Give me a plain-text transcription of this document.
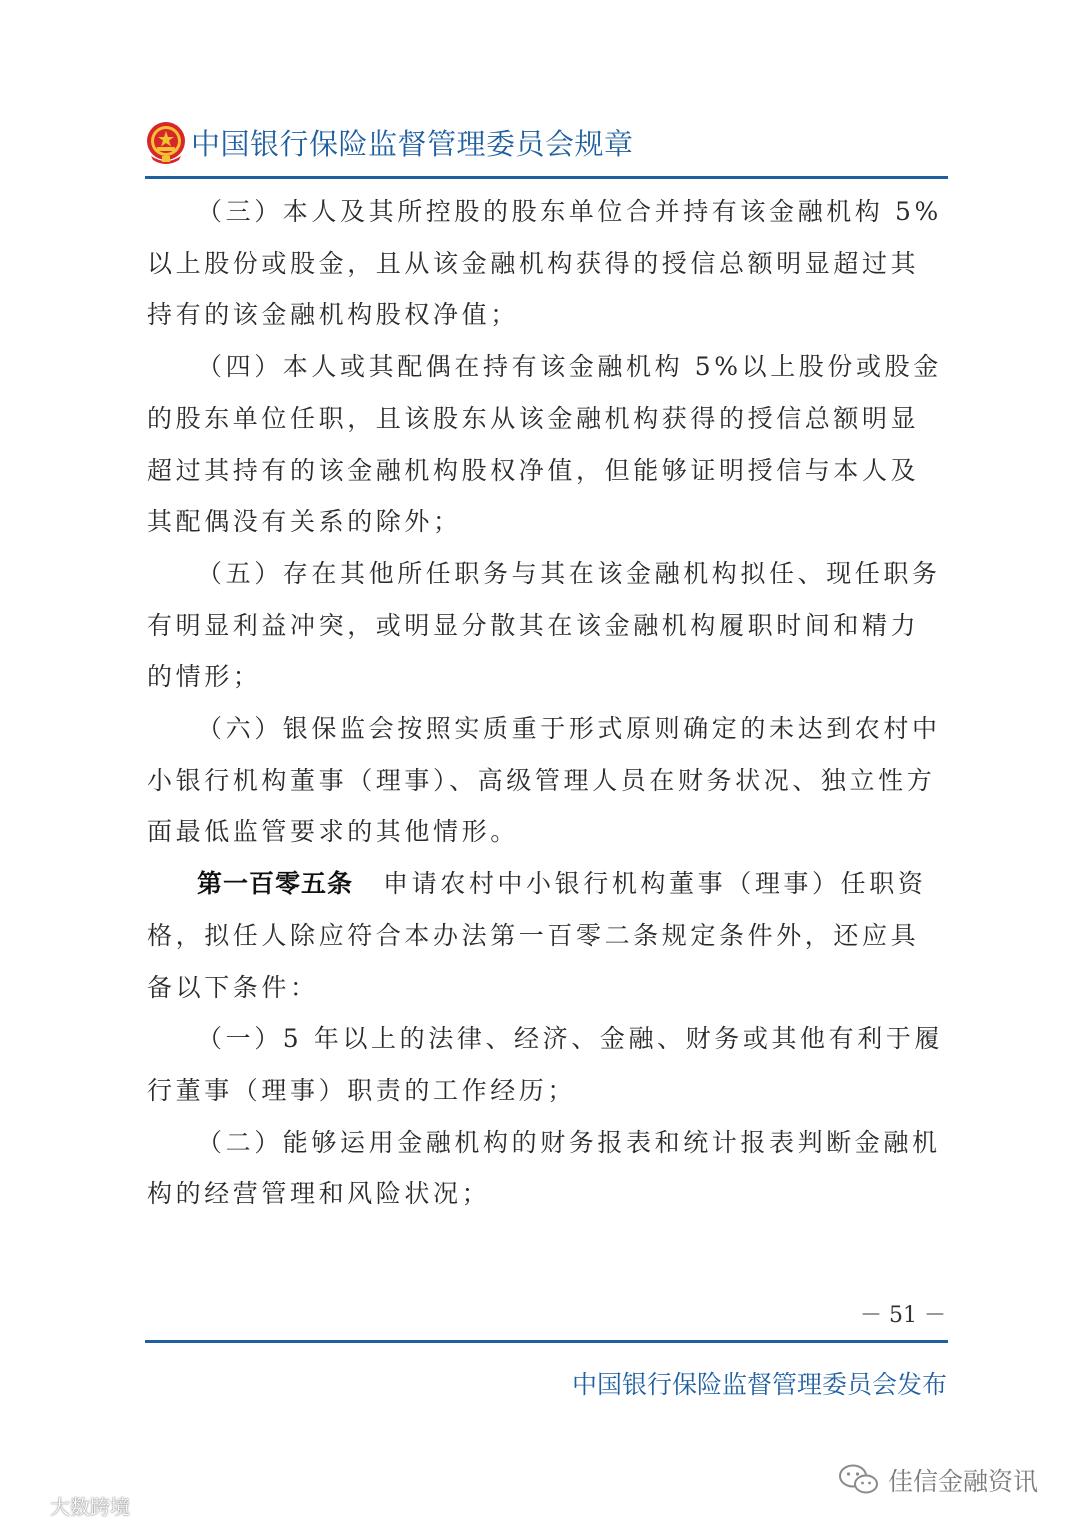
中国银行保险监督管理委员会规章

（三）本人及其所控股的股东单位合并持有该金融机构 5%以上股份或股金，且从该金融机构获得的授信总额明显超过其持有的该金融机构股权净值；

（四）本人或其配偶在持有该金融机构 5%以上股份或股金的股东单位任职，且该股东从该金融机构获得的授信总额明显超过其持有的该金融机构股权净值，但能够证明授信与本人及其配偶没有关系的除外；

（五）存在其他所任职务与其在该金融机构拟任、现任职务有明显利益冲突，或明显分散其在该金融机构履职时间和精力的情形；

（六）银保监会按照实质重于形式原则确定的未达到农村中小银行机构董事（理事）、高级管理人员在财务状况、独立性方面最低监管要求的其他情形。

第一百零五条 申请农村中小银行机构董事（理事）任职资格，拟任人除应符合本办法第一百零二条规定条件外，还应具备以下条件：

（一）5 年以上的法律、经济、金融、财务或其他有利于履行董事（理事）职责的工作经历；

（二）能够运用金融机构的财务报表和统计报表判断金融机构的经营管理和风险状况；

－ 51 －
中国银行保险监督管理委员会发布
大数跨境
佳信金融资讯
